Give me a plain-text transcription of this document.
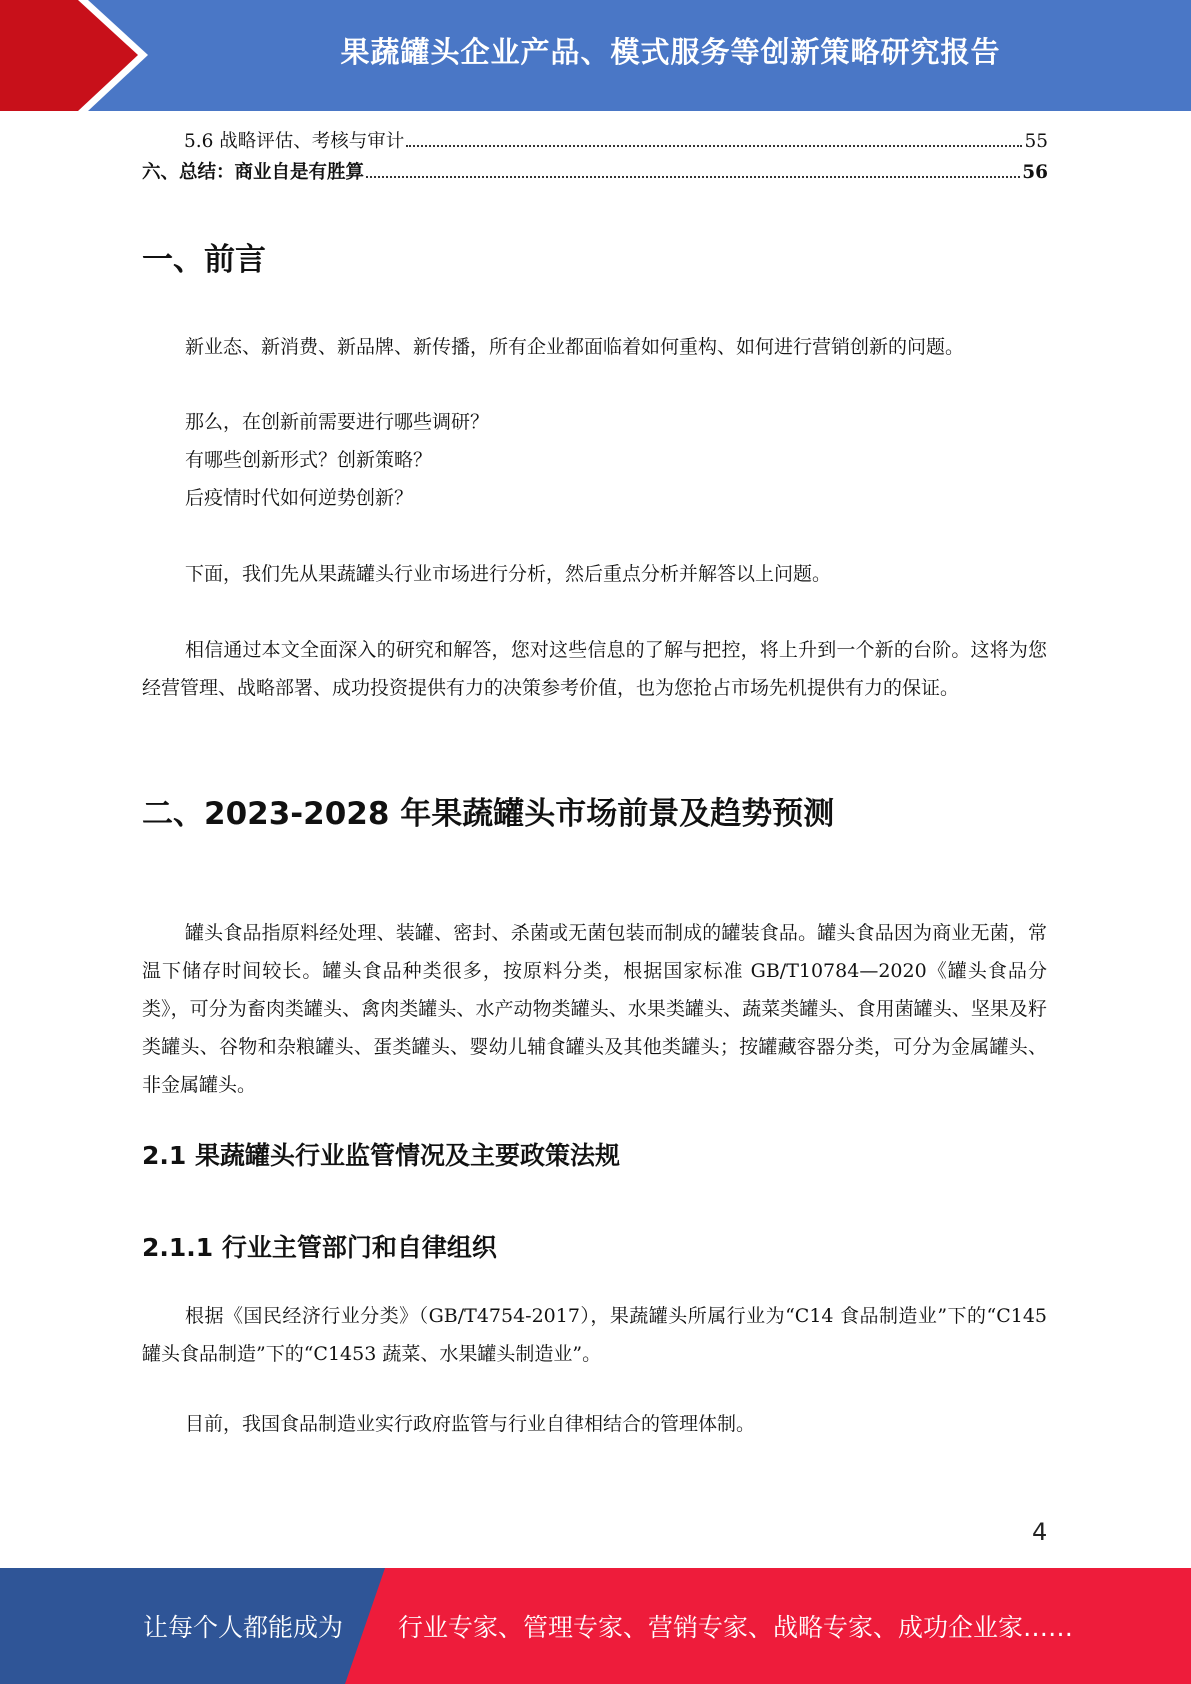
果蔬罐头企业产品、模式服务等创新策略研究报告
5.6 战略评估、考核与审计	55
六、总结：商业自是有胜算	56
一、前言

新业态、新消费、新品牌、新传播，所有企业都面临着如何重构、如何进行营销创新的问题。

那么，在创新前需要进行哪些调研？
有哪些创新形式？创新策略？
后疫情时代如何逆势创新？

下面，我们先从果蔬罐头行业市场进行分析，然后重点分析并解答以上问题。

相信通过本文全面深入的研究和解答，您对这些信息的了解与把控，将上升到一个新的台阶。这将为您经营管理、战略部署、成功投资提供有力的决策参考价值，也为您抢占市场先机提供有力的保证。

二、2023-2028 年果蔬罐头市场前景及趋势预测

罐头食品指原料经处理、装罐、密封、杀菌或无菌包装而制成的罐装食品。罐头食品因为商业无菌，常温下储存时间较长。罐头食品种类很多，按原料分类，根据国家标准 GB/T10784—2020《罐头食品分类》，可分为畜肉类罐头、禽肉类罐头、水产动物类罐头、水果类罐头、蔬菜类罐头、食用菌罐头、坚果及籽类罐头、谷物和杂粮罐头、蛋类罐头、婴幼儿辅食罐头及其他类罐头；按罐藏容器分类，可分为金属罐头、非金属罐头。

2.1 果蔬罐头行业监管情况及主要政策法规
2.1.1 行业主管部门和自律组织

根据《国民经济行业分类》（GB/T4754-2017），果蔬罐头所属行业为“C14 食品制造业”下的“C145 罐头食品制造”下的“C1453 蔬菜、水果罐头制造业”。

目前，我国食品制造业实行政府监管与行业自律相结合的管理体制。

4
让每个人都能成为 行业专家、管理专家、营销专家、战略专家、成功企业家……
